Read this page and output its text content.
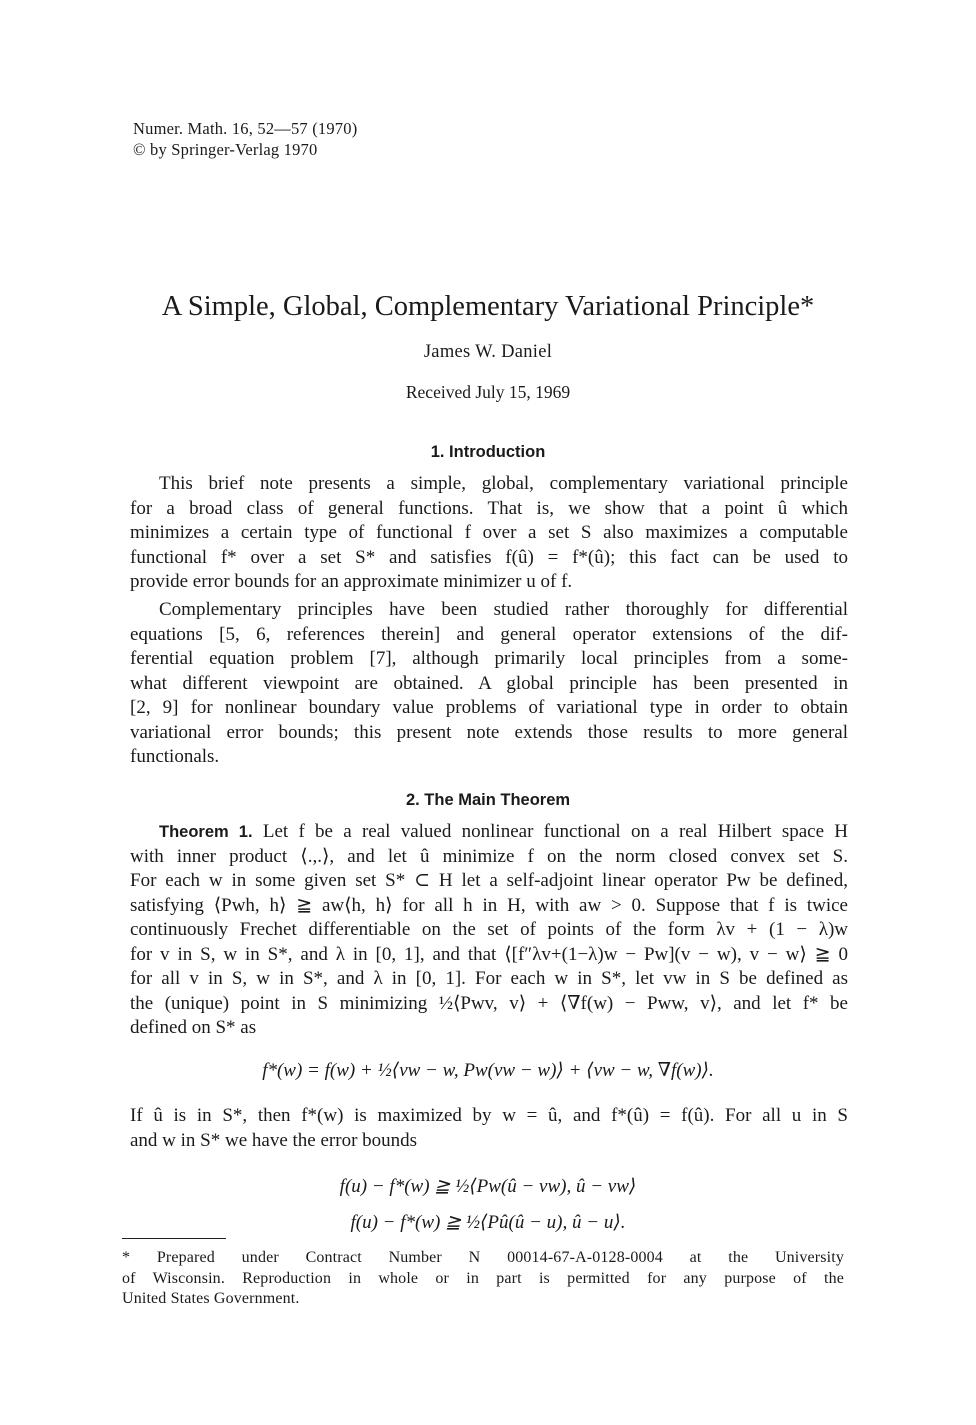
Numer. Math. 16, 52—57 (1970)

© by Springer-Verlag 1970

A Simple, Global, Complementary Variational Principle*

James W. Daniel

Received July 15, 1969

1. Introduction
This brief note presents a simple, global, complementary variational principle
for a broad class of general functions. That is, we show that a point û which
minimizes a certain type of functional f over a set S also maximizes a computable
functional f* over a set S* and satisfies f(û) = f*(û); this fact can be used to
provide error bounds for an approximate minimizer u of f.
Complementary principles have been studied rather thoroughly for differential
equations [5, 6, references therein] and general operator extensions of the dif-
ferential equation problem [7], although primarily local principles from a some-
what different viewpoint are obtained. A global principle has been presented in
[2, 9] for nonlinear boundary value problems of variational type in order to obtain
variational error bounds; this present note extends those results to more general
functionals.
2. The Main Theorem
Theorem 1. Let f be a real valued nonlinear functional on a real Hilbert space H
with inner product ⟨.,.⟩, and let û minimize f on the norm closed convex set S.
For each w in some given set S* ⊂ H let a self-adjoint linear operator Pw be defined,
satisfying ⟨Pwh, h⟩ ≧ aw⟨h, h⟩ for all h in H, with aw > 0. Suppose that f is twice
continuously Frechet differentiable on the set of points of the form λv + (1 − λ)w
for v in S, w in S*, and λ in [0, 1], and that ⟨[f″λv+(1−λ)w − Pw](v − w), v − w⟩ ≧ 0
for all v in S, w in S*, and λ in [0, 1]. For each w in S*, let vw in S be defined as
the (unique) point in S minimizing ½⟨Pwv, v⟩ + ⟨∇f(w) − Pww, v⟩, and let f* be
defined on S* as

f*(w) = f(w) + ½⟨vw − w, Pw(vw − w)⟩ + ⟨vw − w, ∇f(w)⟩.

If û is in S*, then f*(w) is maximized by w = û, and f*(û) = f(û). For all u in S
and w in S* we have the error bounds

f(u) − f*(w) ≧ ½⟨Pw(û − vw), û − vw⟩

f(u) − f*(w) ≧ ½⟨Pû(û − u), û − u⟩.

* Prepared under Contract Number N 00014-67-A-0128-0004 at the University
of Wisconsin. Reproduction in whole or in part is permitted for any purpose of the
United States Government.
